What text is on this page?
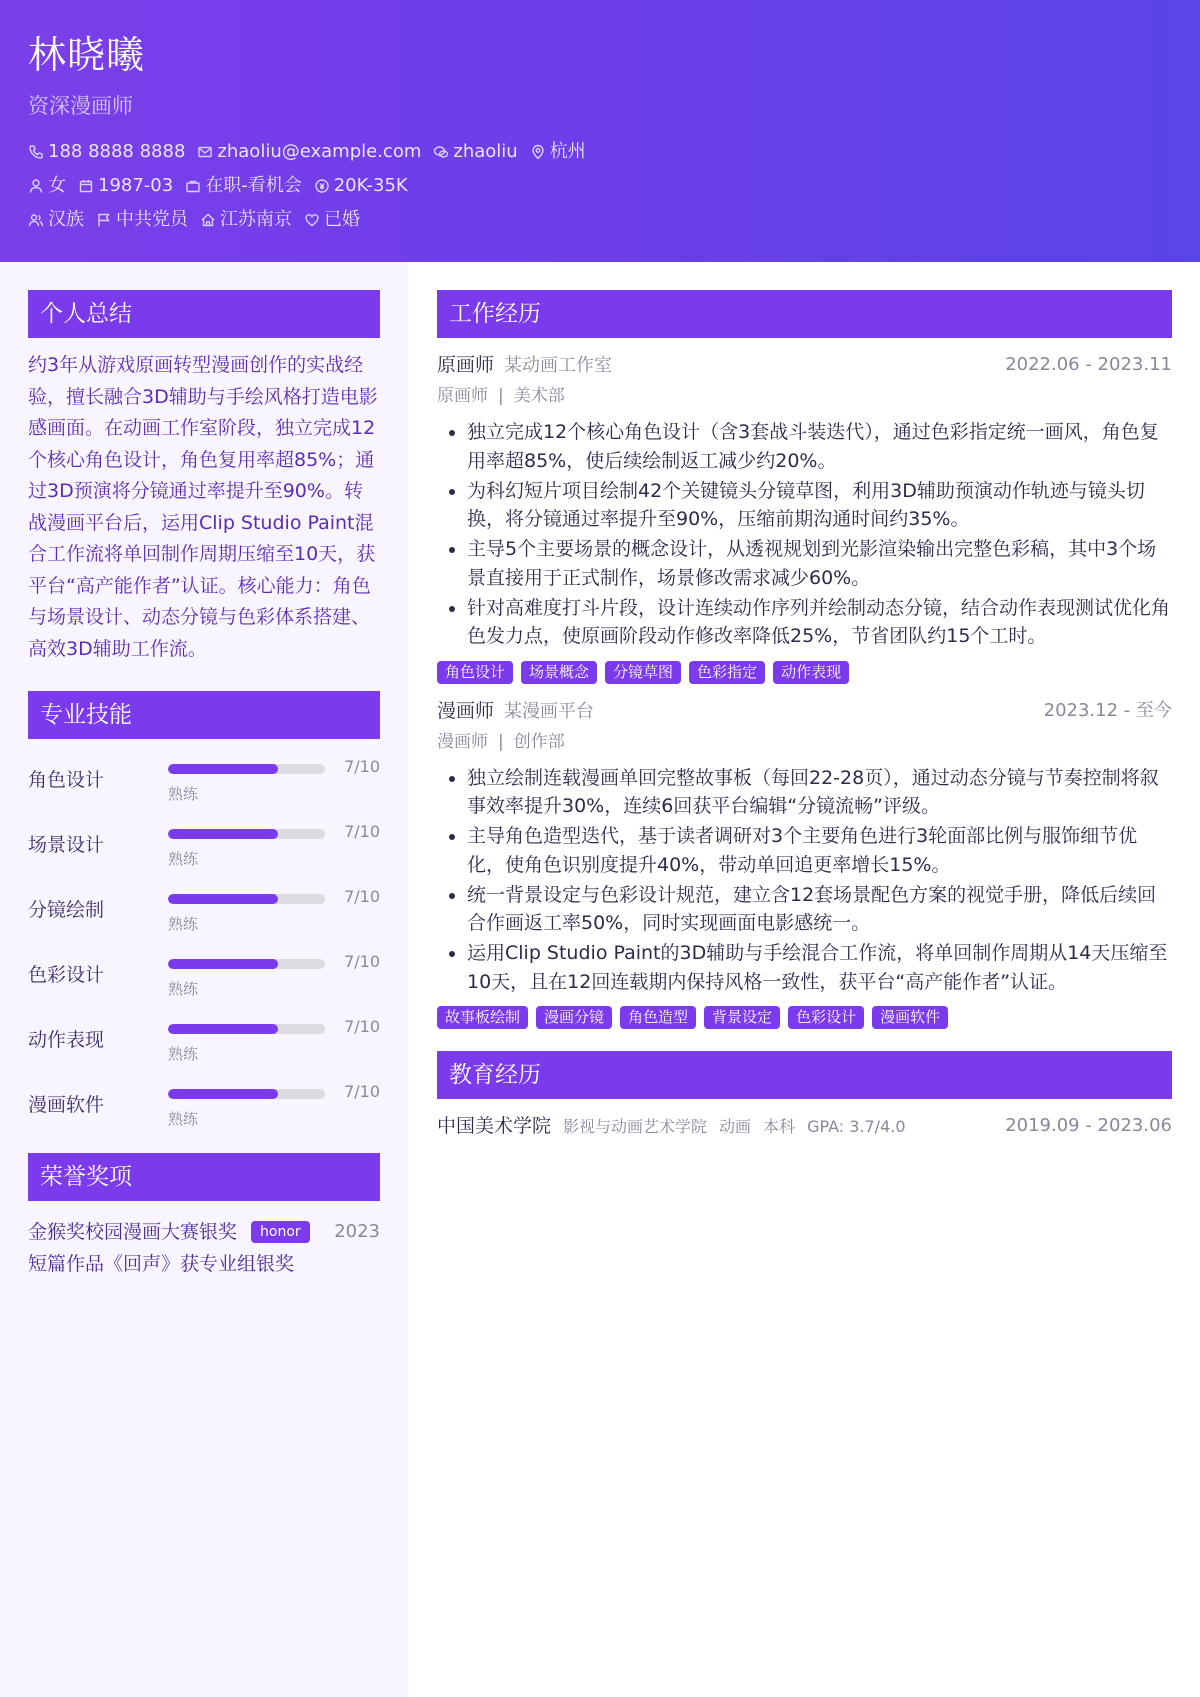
林晓曦
资深漫画师
188 8888 8888 zhaoliu@example.com zhaoliu 杭州
女 1987-03 在职-看机会 20K-35K
汉族 中共党员 江苏南京 已婚
个人总结
约3年从游戏原画转型漫画创作的实战经验，擅长融合3D辅助与手绘风格打造电影感画面。在动画工作室阶段，独立完成12个核心角色设计，角色复用率超85%；通过3D预演将分镜通过率提升至90%。转战漫画平台后，运用Clip Studio Paint混合工作流将单回制作周期压缩至10天，获平台“高产能作者”认证。核心能力：角色与场景设计、动态分镜与色彩体系搭建、高效3D辅助工作流。
专业技能
角色设计
7/10
熟练
场景设计
7/10
熟练
分镜绘制
7/10
熟练
色彩设计
7/10
熟练
动作表现
7/10
熟练
漫画软件
7/10
熟练
荣誉奖项
金猴奖校园漫画大赛银奖 honor 2023
短篇作品《回声》获专业组银奖
工作经历
原画师 某动画工作室	2022.06 - 2023.11
原画师 | 美术部
• 独立完成12个核心角色设计（含3套战斗装迭代），通过色彩指定统一画风，角色复用率超85%，使后续绘制返工减少约20%。
• 为科幻短片项目绘制42个关键镜头分镜草图，利用3D辅助预演动作轨迹与镜头切换，将分镜通过率提升至90%，压缩前期沟通时间约35%。
• 主导5个主要场景的概念设计，从透视规划到光影渲染输出完整色彩稿，其中3个场景直接用于正式制作，场景修改需求减少60%。
• 针对高难度打斗片段，设计连续动作序列并绘制动态分镜，结合动作表现测试优化角色发力点，使原画阶段动作修改率降低25%，节省团队约15个工时。
角色设计	场景概念	分镜草图	色彩指定	动作表现
漫画师 某漫画平台	2023.12 - 至今
漫画师 | 创作部
• 独立绘制连载漫画单回完整故事板（每回22-28页），通过动态分镜与节奏控制将叙事效率提升30%，连续6回获平台编辑“分镜流畅”评级。
• 主导角色造型迭代，基于读者调研对3个主要角色进行3轮面部比例与服饰细节优化，使角色识别度提升40%，带动单回追更率增长15%。
• 统一背景设定与色彩设计规范，建立含12套场景配色方案的视觉手册，降低后续回合作画返工率50%，同时实现画面电影感统一。
• 运用Clip Studio Paint的3D辅助与手绘混合工作流，将单回制作周期从14天压缩至10天，且在12回连载期内保持风格一致性，获平台“高产能作者”认证。
故事板绘制	漫画分镜	角色造型	背景设定	色彩设计	漫画软件
教育经历
中国美术学院 影视与动画艺术学院 动画 本科 GPA: 3.7/4.0	2019.09 - 2023.06
